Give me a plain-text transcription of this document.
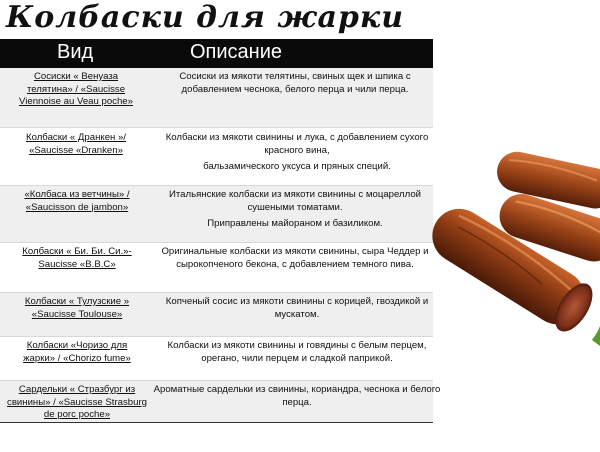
Колбаски для жарки
Вид	Описание
Сосиски « Венуаза телятина» / «Saucisse Viennoise au Veau poche»

Сосиски из мякоти телятины, свиных щек и шпика с добавлением чеснока, белого перца и чили перца.

Колбаски « Дранкен »/ «Saucisse «Dranken»

Колбаски из мякоти свинины и лука, с добавлением сухого красного вина,

бальзамического уксуса и пряных специй.

«Колбаса из ветчины» / «Saucisson de jambon»

Итальянские колбаски из мякоти свинины с моцареллой сушеными томатами.

Приправлены майораном и базиликом.

Колбаски « Би. Би. Си.»- Saucisse «B.B.C»

Оригинальные колбаски из мякоти свинины, сыра Чеддер и сырокопченого бекона, с добавлением темного пива.

Колбаски « Тулузские » «Saucisse Toulouse»

Копченый сосис из мякоти свинины с корицей, гвоздикой и мускатом.

Колбаски «Чоризо для жарки» / «Chorizo fume»

Колбаски из мякоти свинины и говядины с белым перцем, орегано, чили перцем и сладкой паприкой.

Сардельки « Стразбург из свинины» / «Saucisse Strasburg de porc poche»

Ароматные сардельки из свинины, кориандра, чеснока и белого перца.
